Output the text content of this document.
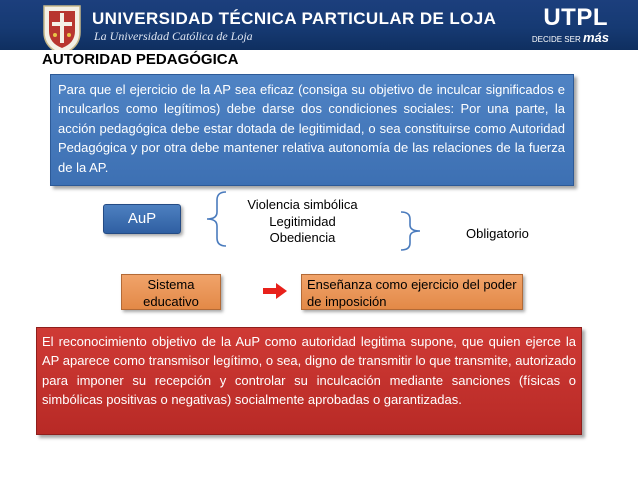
UNIVERSIDAD TÉCNICA PARTICULAR DE LOJA
La Universidad Católica de Loja
UTPL
DECIDE SER más
AUTORIDAD PEDAGÓGICA
Para que el ejercicio de la AP sea eficaz (consiga su objetivo de inculcar significados e inculcarlos como legítimos) debe darse dos condiciones sociales: Por una parte, la acción pedagógica debe estar dotada de legitimidad, o sea constituirse como Autoridad Pedagógica y por otra debe mantener relativa autonomía de las relaciones de la fuerza de la AP.
AuP
Violencia simbólica
Legitimidad
Obediencia	Obligatorio
Sistema educativo
Enseñanza como ejercicio del poder de imposición
El reconocimiento objetivo de la AuP como autoridad legitima supone, que quien ejerce la AP aparece como transmisor legítimo, o sea, digno de transmitir lo que transmite, autorizado para imponer su recepción y controlar su inculcación mediante sanciones (físicas o simbólicas positivas o negativas) socialmente aprobadas o garantizadas.
